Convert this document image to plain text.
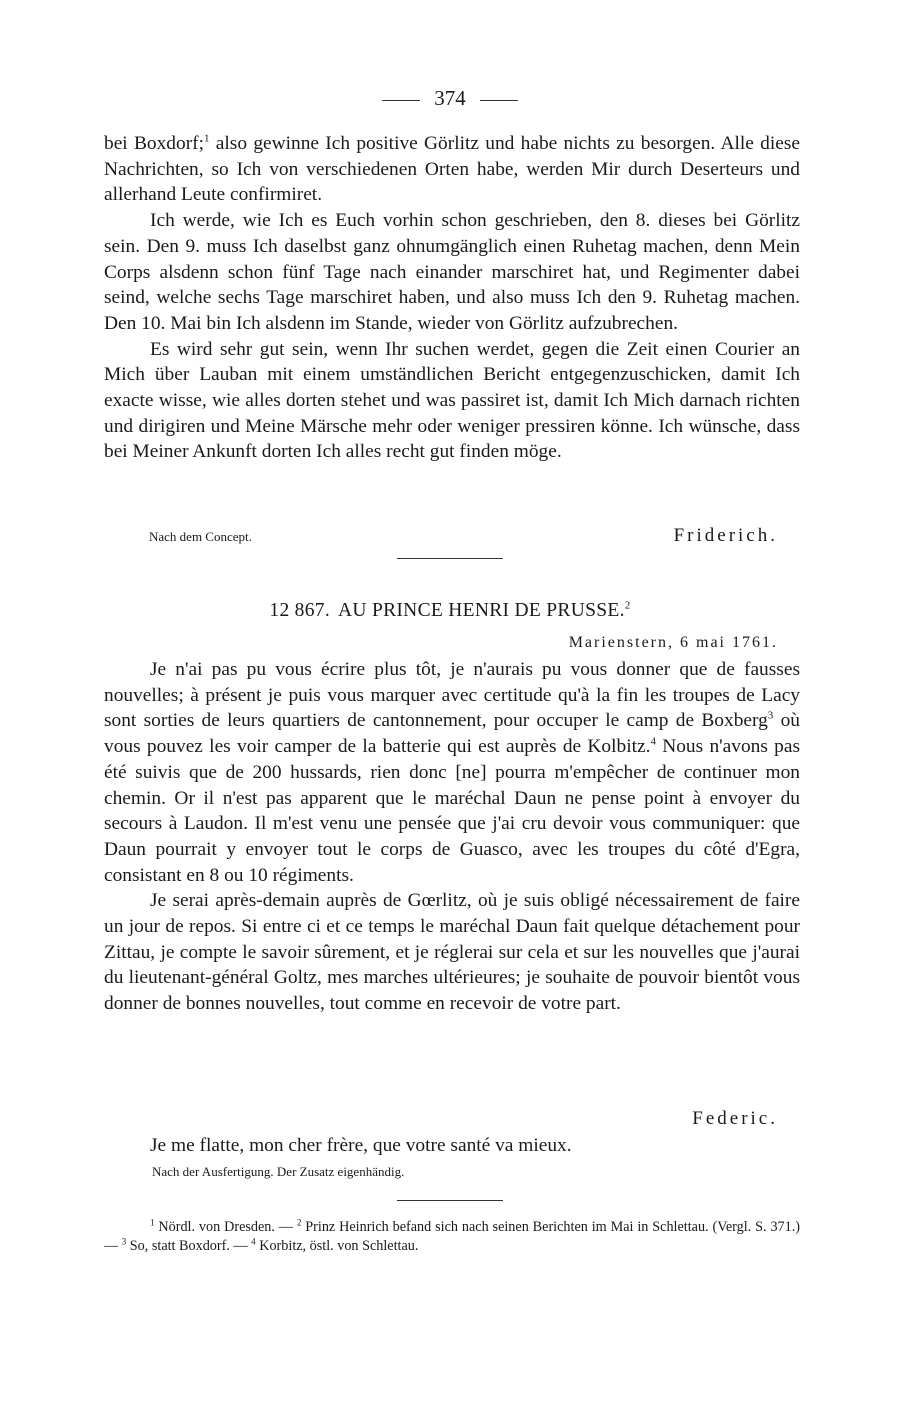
374

bei Boxdorf;$^1$ also gewinne Ich positive Görlitz und habe nichts zu besorgen. Alle diese Nachrichten, so Ich von verschiedenen Orten habe, werden Mir durch Deserteurs und allerhand Leute confirmiret.

Ich werde, wie Ich es Euch vorhin schon geschrieben, den 8. dieses bei Görlitz sein. Den 9. muss Ich daselbst ganz ohnumgänglich einen Ruhetag machen, denn Mein Corps alsdenn schon fünf Tage nach einander marschiret hat, und Regimenter dabei seind, welche sechs Tage marschiret haben, und also muss Ich den 9. Ruhetag machen. Den 10. Mai bin Ich alsdenn im Stande, wieder von Görlitz aufzubrechen.

Es wird sehr gut sein, wenn Ihr suchen werdet, gegen die Zeit einen Courier an Mich über Lauban mit einem umständlichen Bericht entgegenzuschicken, damit Ich exacte wisse, wie alles dorten stehet und was passiret ist, damit Ich Mich darnach richten und dirigiren und Meine Märsche mehr oder weniger pressiren könne. Ich wünsche, dass bei Meiner Ankunft dorten Ich alles recht gut finden möge.

Nach dem Concept.	Friderich.
12 867. AU PRINCE HENRI DE PRUSSE.$^2$
Marienstern, 6 mai 1761.

Je n'ai pas pu vous écrire plus tôt, je n'aurais pu vous donner que de fausses nouvelles; à présent je puis vous marquer avec certitude qu'à la fin les troupes de Lacy sont sorties de leurs quartiers de cantonnement, pour occuper le camp de Boxberg$^3$ où vous pouvez les voir camper de la batterie qui est auprès de Kolbitz.$^4$ Nous n'avons pas été suivis que de 200 hussards, rien donc [ne] pourra m'empêcher de continuer mon chemin. Or il n'est pas apparent que le maréchal Daun ne pense point à envoyer du secours à Laudon. Il m'est venu une pensée que j'ai cru devoir vous communiquer: que Daun pourrait y envoyer tout le corps de Guasco, avec les troupes du côté d'Egra, consistant en 8 ou 10 régiments.

Je serai après-demain auprès de Gœrlitz, où je suis obligé nécessairement de faire un jour de repos. Si entre ci et ce temps le maréchal Daun fait quelque détachement pour Zittau, je compte le savoir sûrement, et je réglerai sur cela et sur les nouvelles que j'aurai du lieutenant-général Goltz, mes marches ultérieures; je souhaite de pouvoir bientôt vous donner de bonnes nouvelles, tout comme en recevoir de votre part.

Federic.
Je me flatte, mon cher frère, que votre santé va mieux.
Nach der Ausfertigung. Der Zusatz eigenhändig.

$^1$ Nördl. von Dresden. — $^2$ Prinz Heinrich befand sich nach seinen Berichten im Mai in Schlettau. (Vergl. S. 371.) — $^3$ So, statt Boxdorf. — $^4$ Korbitz, östl. von Schlettau.
